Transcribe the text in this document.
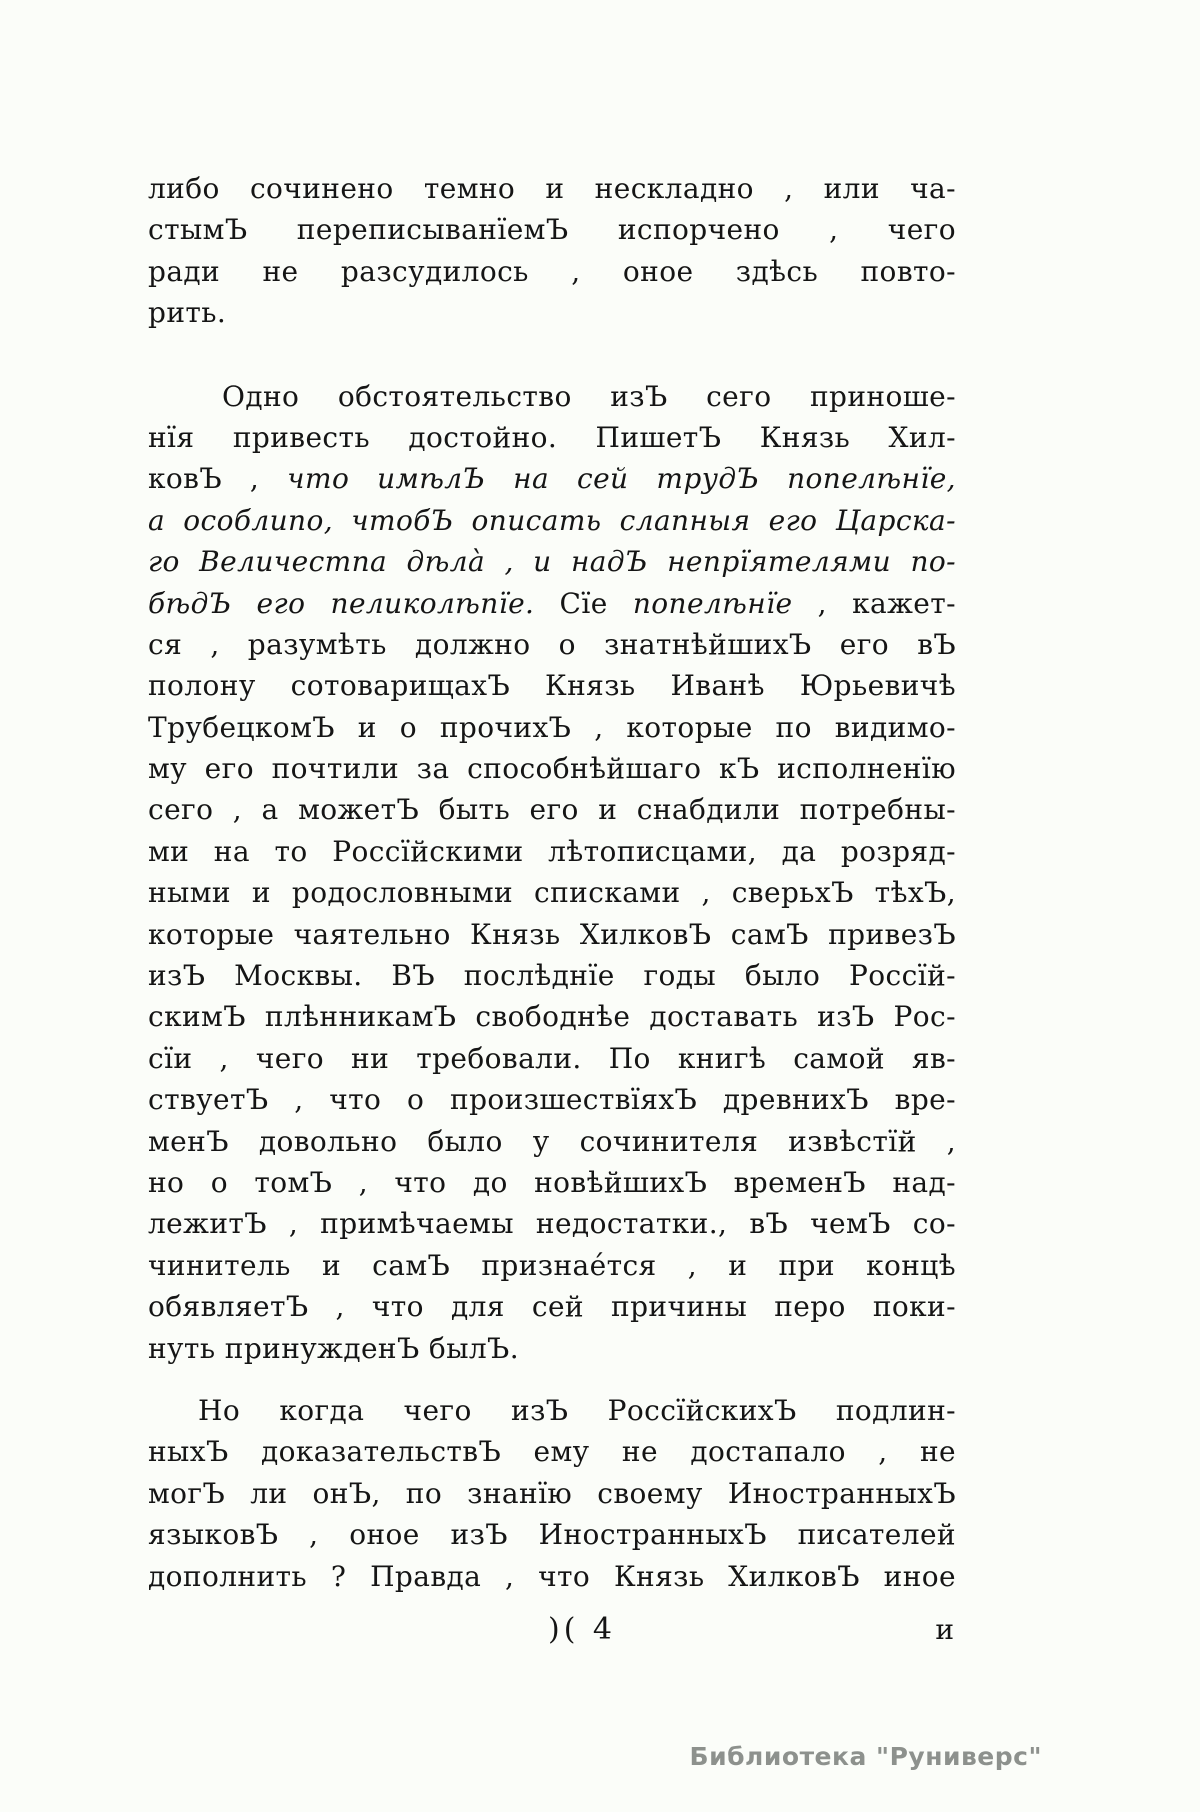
либо сочинено темно и нескладно , или ча-
стымЪ переписыванїемЪ испорчено , чего
ради не разсудилось , оное здѣсь повто-
рить.
Одно обстоятельство изЪ сего приноше-
нїя привесть достойно. ПишетЪ Князь Хил-
ковЪ , что имѣлЪ на сей трудЪ попелѣнїе,
а особлипо, чтобЪ описать слапныя его Царска-
го Величестпа дѣла̀ , и надЪ непрїятелями по-
бѣдЪ его пеликолѣпїе. Сїе попелѣнїе , кажет-
ся , разумѣть должно о знатнѣйшихЪ его вЪ
полону сотоварищахЪ Князь Иванѣ Юрьевичѣ
ТрубецкомЪ и о прочихЪ , которые по видимо-
му его почтили за способнѣйшаго кЪ исполненїю
сего , а можетЪ быть его и снабдили потребны-
ми на то Россїйскими лѣтописцами, да розряд-
ными и родословными списками , сверьхЪ тѣхЪ,
которые чаятельно Князь ХилковЪ самЪ привезЪ
изЪ Москвы. ВЪ послѣднїе годы было Россїй-
скимЪ плѣнникамЪ свободнѣе доставать изЪ Рос-
сїи , чего ни требовали. По книгѣ самой яв-
ствуетЪ , что о произшествїяхЪ древнихЪ вре-
менЪ довольно было у сочинителя извѣстїй ,
но о томЪ , что до новѣйшихЪ временЪ над-
лежитЪ , примѣчаемы недостатки., вЪ чемЪ со-
чинитель и самЪ признае́тся , и при концѣ
обявляетЪ , что для сей причины перо поки-
нуть принужденЪ былЪ.
Но когда чего изЪ РоссїйскихЪ подлин-
ныхЪ доказательствЪ ему не достапало , не
могЪ ли онЪ, по знанїю своему ИностранныхЪ
языковЪ , оное изЪ ИностранныхЪ писателей
дополнить ? Правда , что Князь ХилковЪ иное
)( 4	и
Библиотека "Руниверс"
